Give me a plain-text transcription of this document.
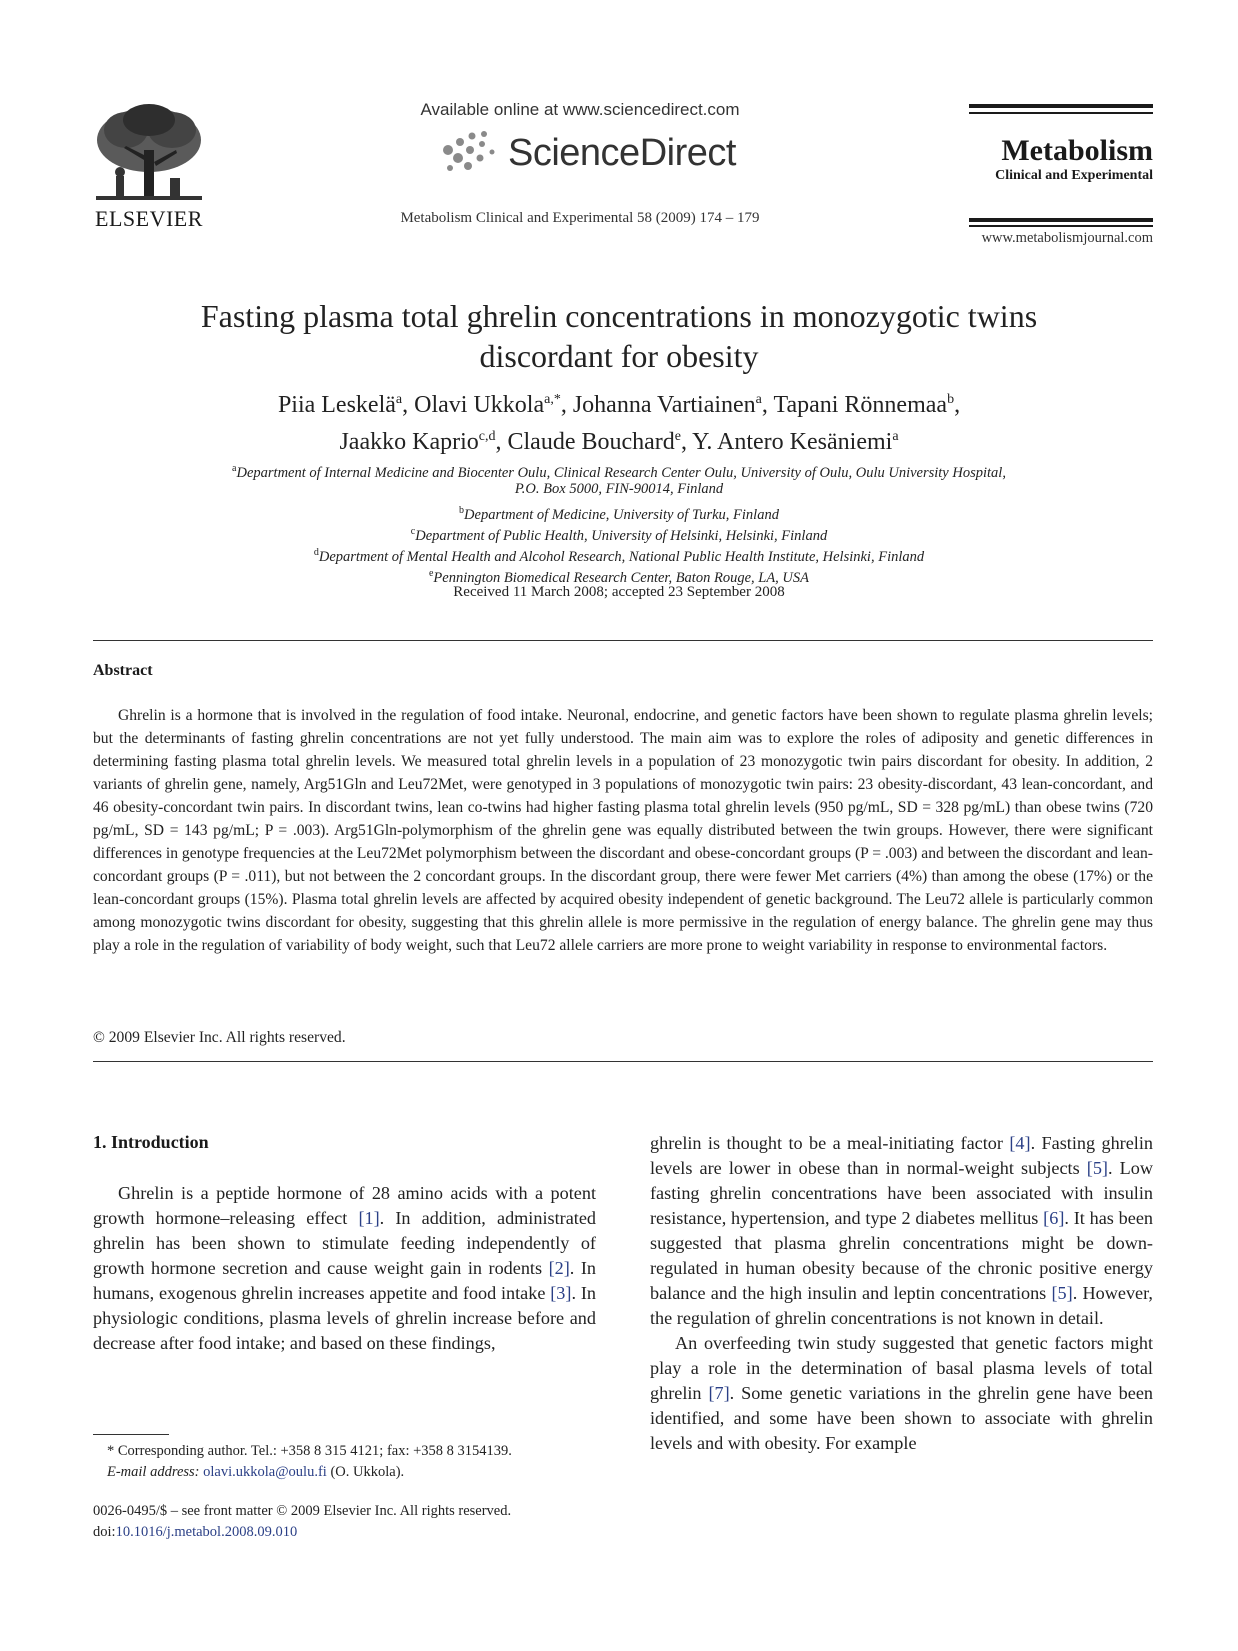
ELSEVIER
Available online at www.sciencedirect.com
ScienceDirect
Metabolism Clinical and Experimental 58 (2009) 174 – 179
Metabolism
Clinical and Experimental
www.metabolismjournal.com
Fasting plasma total ghrelin concentrations in monozygotic twins
discordant for obesity
Piia Leskelä$^a$, Olavi Ukkola$^{a,*}$, Johanna Vartiainen$^a$, Tapani Rönnemaa$^b$,
Jaakko Kaprio$^{c,d}$, Claude Bouchard$^e$, Y. Antero Kesäniemi$^a$
$^a$Department of Internal Medicine and Biocenter Oulu, Clinical Research Center Oulu, University of Oulu, Oulu University Hospital,
P.O. Box 5000, FIN-90014, Finland
$^b$Department of Medicine, University of Turku, Finland
$^c$Department of Public Health, University of Helsinki, Helsinki, Finland
$^d$Department of Mental Health and Alcohol Research, National Public Health Institute, Helsinki, Finland
$^e$Pennington Biomedical Research Center, Baton Rouge, LA, USA
Received 11 March 2008; accepted 23 September 2008
Abstract

Ghrelin is a hormone that is involved in the regulation of food intake. Neuronal, endocrine, and genetic factors have been shown to regulate plasma ghrelin levels; but the determinants of fasting ghrelin concentrations are not yet fully understood. The main aim was to explore the roles of adiposity and genetic differences in determining fasting plasma total ghrelin levels. We measured total ghrelin levels in a population of 23 monozygotic twin pairs discordant for obesity. In addition, 2 variants of ghrelin gene, namely, Arg51Gln and Leu72Met, were genotyped in 3 populations of monozygotic twin pairs: 23 obesity-discordant, 43 lean-concordant, and 46 obesity-concordant twin pairs. In discordant twins, lean co-twins had higher fasting plasma total ghrelin levels (950 pg/mL, SD = 328 pg/mL) than obese twins (720 pg/mL, SD = 143 pg/mL; P = .003). Arg51Gln-polymorphism of the ghrelin gene was equally distributed between the twin groups. However, there were significant differences in genotype frequencies at the Leu72Met polymorphism between the discordant and obese-concordant groups (P = .003) and between the discordant and lean-concordant groups (P = .011), but not between the 2 concordant groups. In the discordant group, there were fewer Met carriers (4%) than among the obese (17%) or the lean-concordant groups (15%). Plasma total ghrelin levels are affected by acquired obesity independent of genetic background. The Leu72 allele is particularly common among monozygotic twins discordant for obesity, suggesting that this ghrelin allele is more permissive in the regulation of energy balance. The ghrelin gene may thus play a role in the regulation of variability of body weight, such that Leu72 allele carriers are more prone to weight variability in response to environmental factors.

© 2009 Elsevier Inc. All rights reserved.
1. Introduction

Ghrelin is a peptide hormone of 28 amino acids with a potent growth hormone–releasing effect [1]. In addition, administrated ghrelin has been shown to stimulate feeding independently of growth hormone secretion and cause weight gain in rodents [2]. In humans, exogenous ghrelin increases appetite and food intake [3]. In physiologic conditions, plasma levels of ghrelin increase before and decrease after food intake; and based on these findings,

ghrelin is thought to be a meal-initiating factor [4]. Fasting ghrelin levels are lower in obese than in normal-weight subjects [5]. Low fasting ghrelin concentrations have been associated with insulin resistance, hypertension, and type 2 diabetes mellitus [6]. It has been suggested that plasma ghrelin concentrations might be down-regulated in human obesity because of the chronic positive energy balance and the high insulin and leptin concentrations [5]. However, the regulation of ghrelin concentrations is not known in detail.

An overfeeding twin study suggested that genetic factors might play a role in the determination of basal plasma levels of total ghrelin [7]. Some genetic variations in the ghrelin gene have been identified, and some have been shown to associate with ghrelin levels and with obesity. For example

* Corresponding author. Tel.: +358 8 315 4121; fax: +358 8 3154139.
E-mail address: olavi.ukkola@oulu.fi (O. Ukkola).
0026-0495/$ – see front matter © 2009 Elsevier Inc. All rights reserved.
doi:10.1016/j.metabol.2008.09.010
